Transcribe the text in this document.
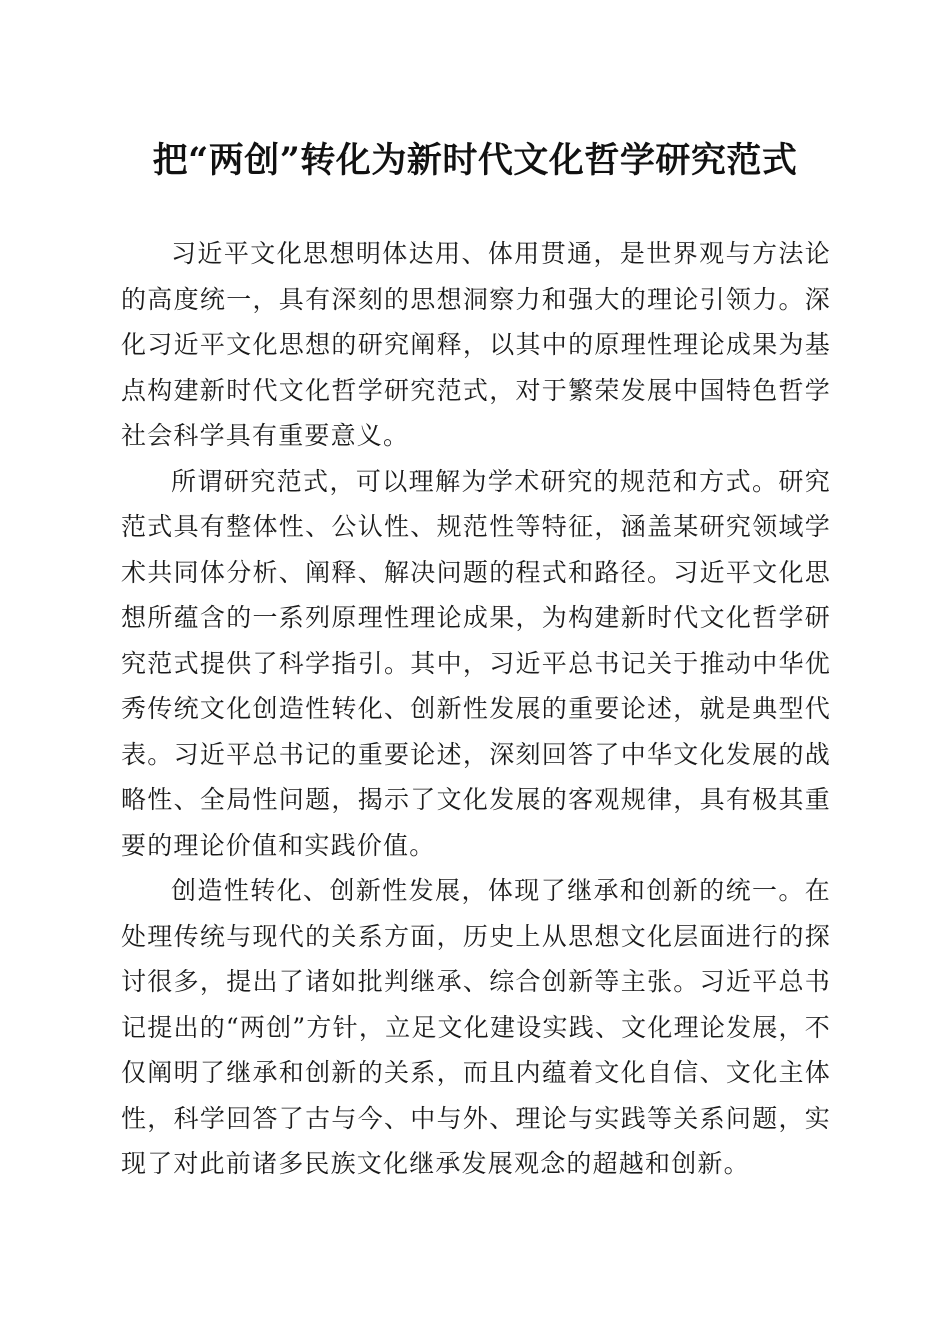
把“两创”转化为新时代文化哲学研究范式

习近平文化思想明体达用、体用贯通，是世界观与方法论的高度统一，具有深刻的思想洞察力和强大的理论引领力。深化习近平文化思想的研究阐释，以其中的原理性理论成果为基点构建新时代文化哲学研究范式，对于繁荣发展中国特色哲学社会科学具有重要意义。

所谓研究范式，可以理解为学术研究的规范和方式。研究范式具有整体性、公认性、规范性等特征，涵盖某研究领域学术共同体分析、阐释、解决问题的程式和路径。习近平文化思想所蕴含的一系列原理性理论成果，为构建新时代文化哲学研究范式提供了科学指引。其中，习近平总书记关于推动中华优秀传统文化创造性转化、创新性发展的重要论述，就是典型代表。习近平总书记的重要论述，深刻回答了中华文化发展的战略性、全局性问题，揭示了文化发展的客观规律，具有极其重要的理论价值和实践价值。

创造性转化、创新性发展，体现了继承和创新的统一。在处理传统与现代的关系方面，历史上从思想文化层面进行的探讨很多，提出了诸如批判继承、综合创新等主张。习近平总书记提出的“两创”方针，立足文化建设实践、文化理论发展，不仅阐明了继承和创新的关系，而且内蕴着文化自信、文化主体性，科学回答了古与今、中与外、理论与实践等关系问题，实现了对此前诸多民族文化继承发展观念的超越和创新。
